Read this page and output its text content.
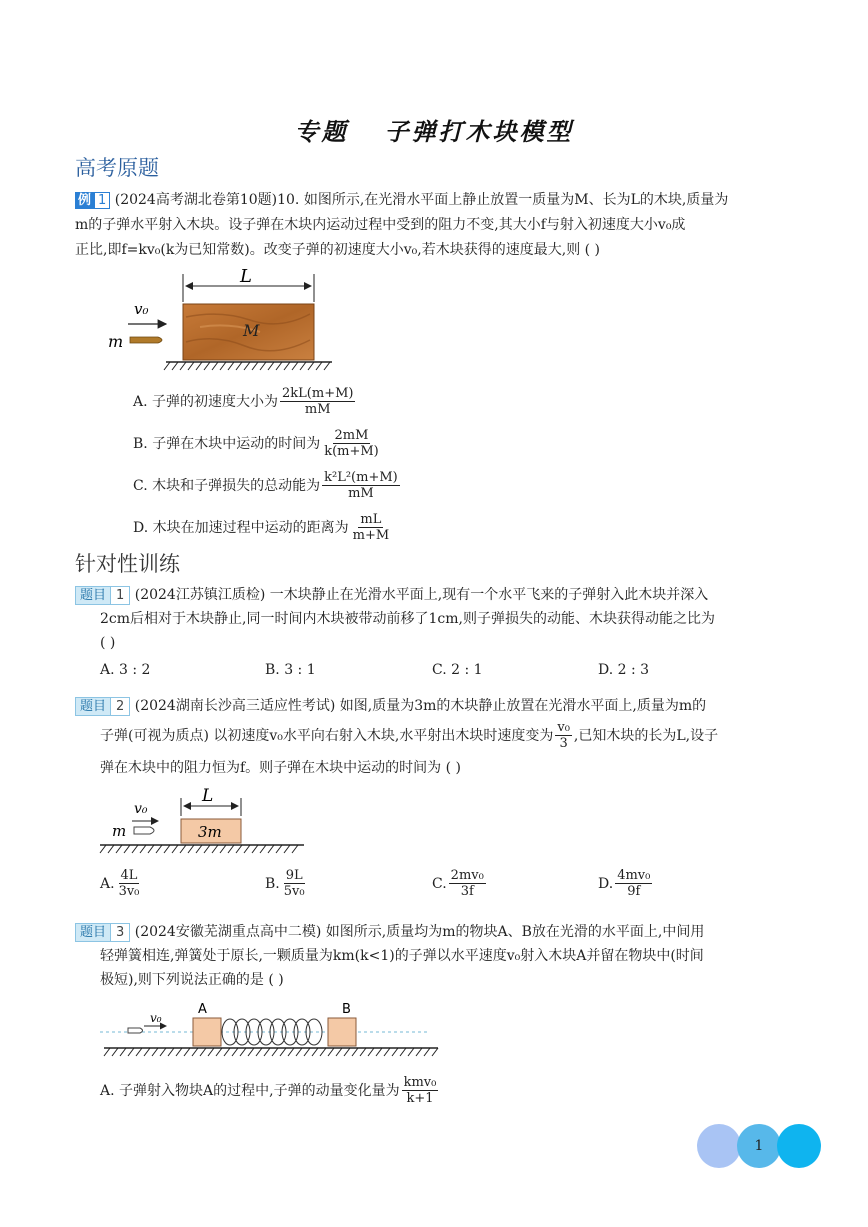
专题 子弹打木块模型
高考原题
例 1 (2024高考湖北卷第10题)10. 如图所示,在光滑水平面上静止放置一质量为M、长为L的木块,质量为
m的子弹水平射入木块。设子弹在木块内运动过程中受到的阻力不变,其大小f与射入初速度大小v₀成
正比,即f=kv₀(k为已知常数)。改变子弹的初速度大小v₀,若木块获得的速度最大,则 ( )
L
M
v₀
m
A. 子弹的初速度大小为 $\frac{2kL(m+M)}{mM}$
B. 子弹在木块中运动的时间为 $\frac{2mM}{k(m+M)}$
C. 木块和子弹损失的总动能为 $\frac{\text{k²L²(m+M)}}{mM}$
D. 木块在加速过程中运动的距离为 $\frac{mL}{m+M}$
针对性训练
题目 1 (2024江苏镇江质检) 一木块静止在光滑水平面上,现有一个水平飞来的子弹射入此木块并深入
2cm后相对于木块静止,同一时间内木块被带动前移了1cm,则子弹损失的动能、木块获得动能之比为
( )
A. 3 : 2	B. 3 : 1	C. 2 : 1	D. 2 : 3
题目 2 (2024湖南长沙高三适应性考试) 如图,质量为3m的木块静止放置在光滑水平面上,质量为m的
子弹(可视为质点) 以初速度v₀水平向右射入木块,水平射出木块时速度变为 $\frac{\text{v₀}}{3}$ ,已知木块的长为L,设子
弹在木块中的阻力恒为f。则子弹在木块中运动的时间为 ( )
L
3m
v₀
m
A. $\frac{4L}{\text{3v₀}}$	B. $\frac{9L}{\text{5v₀}}$	C. $\frac{\text{2mv₀}}{3f}$	D. $\frac{\text{4mv₀}}{9f}$
题目 3 (2024安徽芜湖重点高中二模) 如图所示,质量均为m的物块A、B放在光滑的水平面上,中间用
轻弹簧相连,弹簧处于原长,一颗质量为km(k<1)的子弹以水平速度v₀射入木块A并留在物块中(时间
极短),则下列说法正确的是 ( )
A	B
v₀
A. 子弹射入物块A的过程中,子弹的动量变化量为 $\frac{\text{kmv₀}}{k+1}$
1
